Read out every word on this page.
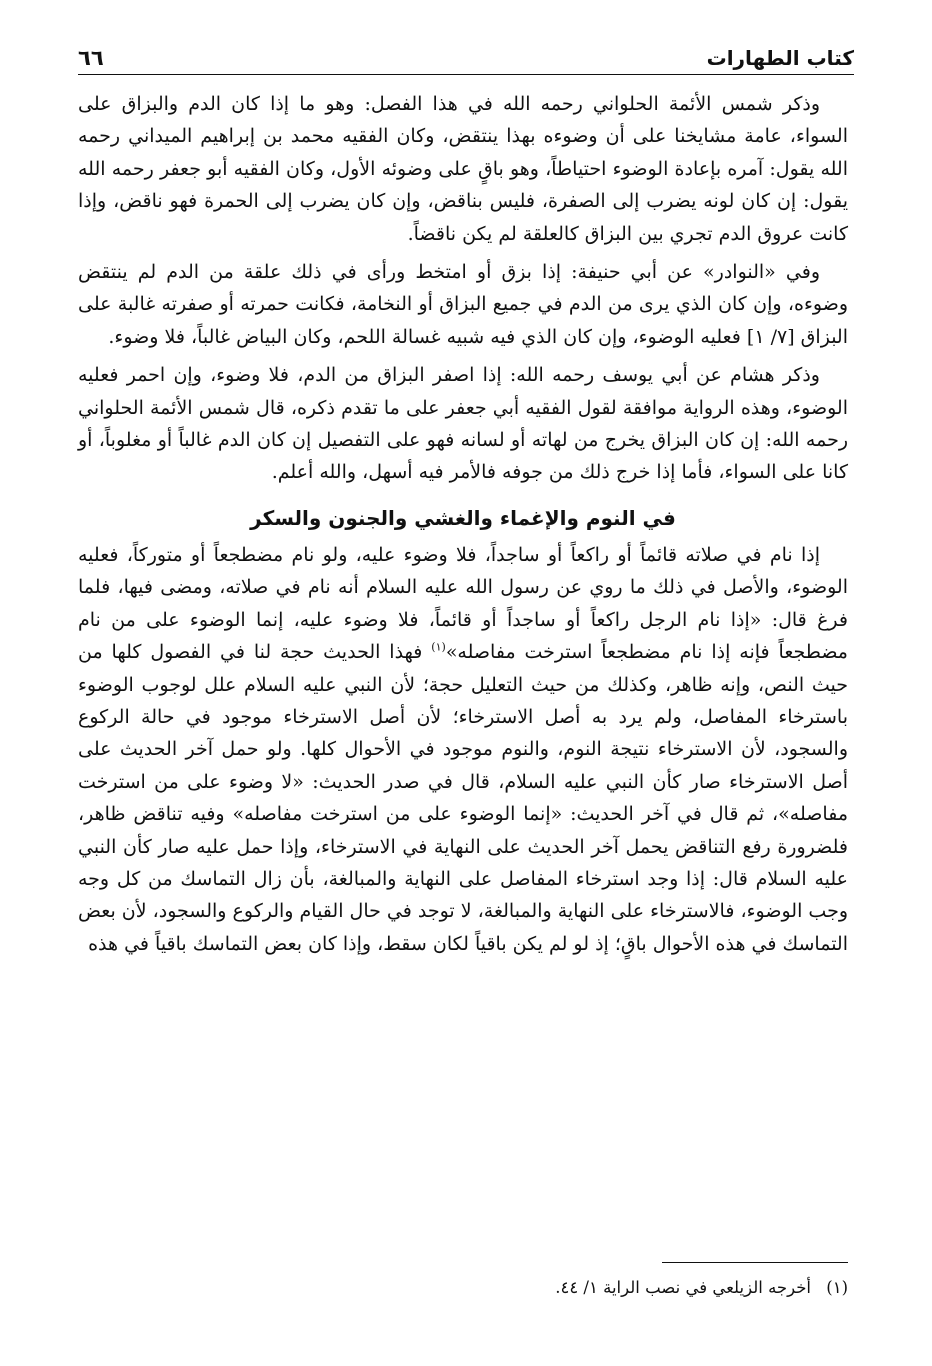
كتاب الطهارات
٦٦

وذكر شمس الأئمة الحلواني رحمه الله في هذا الفصل: وهو ما إذا كان الدم والبزاق على السواء، عامة مشايخنا على أن وضوءه بهذا ينتقض، وكان الفقيه محمد بن إبراهيم الميداني رحمه الله يقول: آمره بإعادة الوضوء احتياطاً، وهو باقٍ على وضوئه الأول، وكان الفقيه أبو جعفر رحمه الله يقول: إن كان لونه يضرب إلى الصفرة، فليس بناقض، وإن كان يضرب إلى الحمرة فهو ناقض، وإذا كانت عروق الدم تجري بين البزاق كالعلقة لم يكن ناقضاً.

وفي «النوادر» عن أبي حنيفة: إذا بزق أو امتخط ورأى في ذلك علقة من الدم لم ينتقض وضوءه، وإن كان الذي يرى من الدم في جميع البزاق أو النخامة، فكانت حمرته أو صفرته غالبة على البزاق [٧/ ١] فعليه الوضوء، وإن كان الذي فيه شبيه غسالة اللحم، وكان البياض غالباً، فلا وضوء.

وذكر هشام عن أبي يوسف رحمه الله: إذا اصفر البزاق من الدم، فلا وضوء، وإن احمر فعليه الوضوء، وهذه الرواية موافقة لقول الفقيه أبي جعفر على ما تقدم ذكره، قال شمس الأئمة الحلواني رحمه الله: إن كان البزاق يخرج من لهاته أو لسانه فهو على التفصيل إن كان الدم غالباً أو مغلوباً، أو كانا على السواء، فأما إذا خرج ذلك من جوفه فالأمر فيه أسهل، والله أعلم.

في النوم والإغماء والغشي والجنون والسكر

إذا نام في صلاته قائماً أو راكعاً أو ساجداً، فلا وضوء عليه، ولو نام مضطجعاً أو متوركاً، فعليه الوضوء، والأصل في ذلك ما روي عن رسول الله عليه السلام أنه نام في صلاته، ومضى فيها، فلما فرغ قال: «إذا نام الرجل راكعاً أو ساجداً أو قائماً، فلا وضوء عليه، إنما الوضوء على من نام مضطجعاً فإنه إذا نام مضطجعاً استرخت مفاصله»$^{(١)}$ فهذا الحديث حجة لنا في الفصول كلها من حيث النص، وإنه ظاهر، وكذلك من حيث التعليل حجة؛ لأن النبي عليه السلام علل لوجوب الوضوء باسترخاء المفاصل، ولم يرد به أصل الاسترخاء؛ لأن أصل الاسترخاء موجود في حالة الركوع والسجود، لأن الاسترخاء نتيجة النوم، والنوم موجود في الأحوال كلها. ولو حمل آخر الحديث على أصل الاسترخاء صار كأن النبي عليه السلام، قال في صدر الحديث: «لا وضوء على من استرخت مفاصله»، ثم قال في آخر الحديث: «إنما الوضوء على من استرخت مفاصله» وفيه تناقض ظاهر، فلضرورة رفع التناقض يحمل آخر الحديث على النهاية في الاسترخاء، وإذا حمل عليه صار كأن النبي عليه السلام قال: إذا وجد استرخاء المفاصل على النهاية والمبالغة، بأن زال التماسك من كل وجه وجب الوضوء، فالاسترخاء على النهاية والمبالغة، لا توجد في حال القيام والركوع والسجود، لأن بعض التماسك في هذه الأحوال باقٍ؛ إذ لو لم يكن باقياً لكان سقط، وإذا كان بعض التماسك باقياً في هذه

(١) أخرجه الزيلعي في نصب الراية ١/ ٤٤.
